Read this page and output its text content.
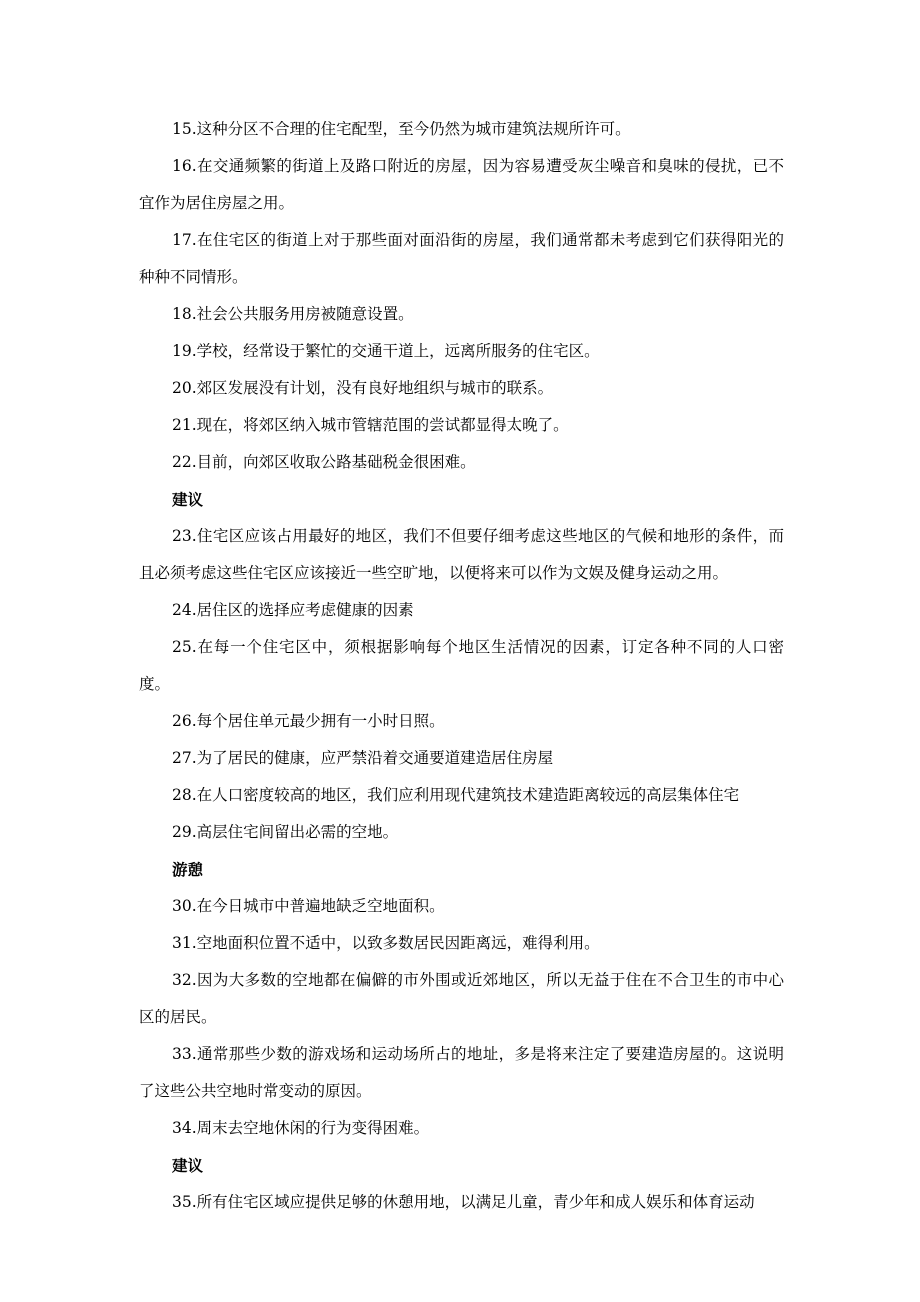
15.这种分区不合理的住宅配型，至今仍然为城市建筑法规所许可。

16.在交通频繁的街道上及路口附近的房屋，因为容易遭受灰尘噪音和臭味的侵扰，已不宜作为居住房屋之用。

17.在住宅区的街道上对于那些面对面沿街的房屋，我们通常都未考虑到它们获得阳光的种种不同情形。

18.社会公共服务用房被随意设置。

19.学校，经常设于繁忙的交通干道上，远离所服务的住宅区。

20.郊区发展没有计划，没有良好地组织与城市的联系。

21.现在，将郊区纳入城市管辖范围的尝试都显得太晚了。

22.目前，向郊区收取公路基础税金很困难。

建议

23.住宅区应该占用最好的地区，我们不但要仔细考虑这些地区的气候和地形的条件，而且必须考虑这些住宅区应该接近一些空旷地，以便将来可以作为文娱及健身运动之用。

24.居住区的选择应考虑健康的因素

25.在每一个住宅区中，须根据影响每个地区生活情况的因素，订定各种不同的人口密度。

26.每个居住单元最少拥有一小时日照。

27.为了居民的健康，应严禁沿着交通要道建造居住房屋

28.在人口密度较高的地区，我们应利用现代建筑技术建造距离较远的高层集体住宅

29.高层住宅间留出必需的空地。

游憩

30.在今日城市中普遍地缺乏空地面积。

31.空地面积位置不适中，以致多数居民因距离远，难得利用。

32.因为大多数的空地都在偏僻的市外围或近郊地区，所以无益于住在不合卫生的市中心区的居民。

33.通常那些少数的游戏场和运动场所占的地址，多是将来注定了要建造房屋的。这说明了这些公共空地时常变动的原因。

34.周末去空地休闲的行为变得困难。

建议

35.所有住宅区域应提供足够的休憩用地，以满足儿童，青少年和成人娱乐和体育运动
